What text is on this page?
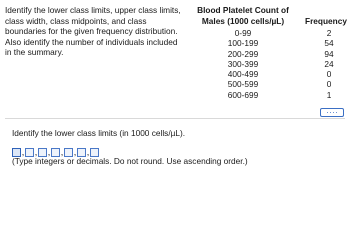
Identify the lower class limits, upper class limits, class width, class midpoints, and class boundaries for the given frequency distribution. Also identify the number of individuals included in the summary.
Blood Platelet Count of
Males (1000 cells/µL)	Frequency
0-99	2
100-199	54
200-299	94
300-399	24
400-499	0
500-599	0
600-699	1
Identify the lower class limits (in 1000 cells/µL).
, , , , , ,
(Type integers or decimals. Do not round. Use ascending order.)
